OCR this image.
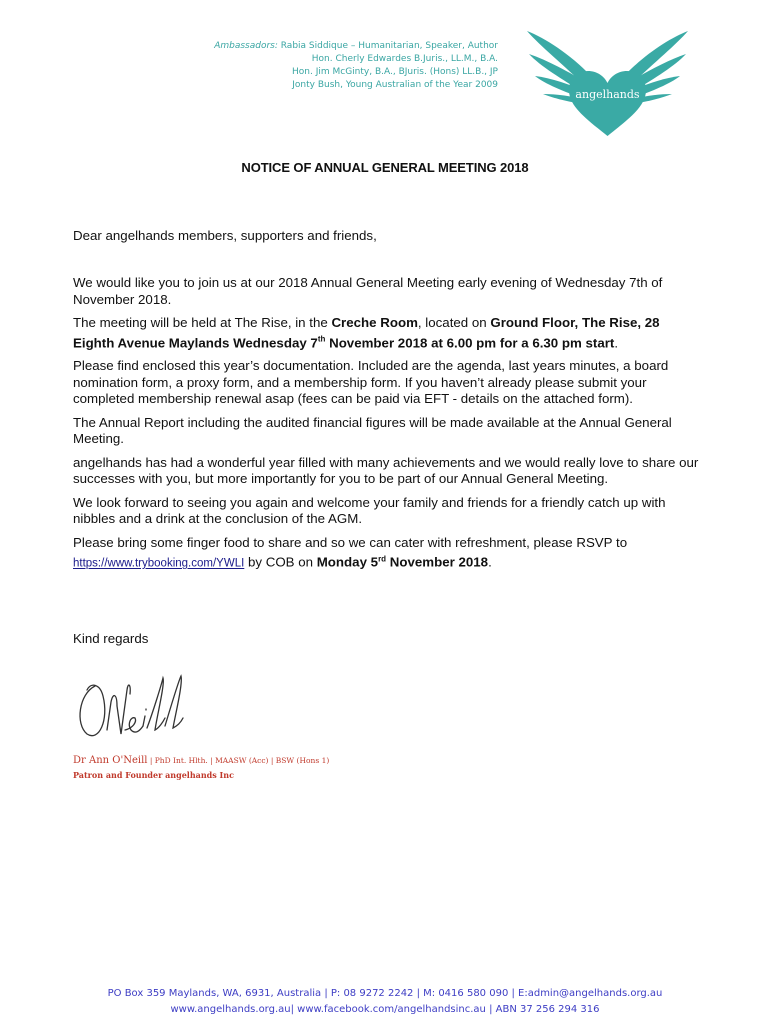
Ambassadors: Rabia Siddique – Humanitarian, Speaker, Author
Hon. Cherly Edwardes B.Juris., LL.M., B.A.
Hon. Jim McGinty, B.A., BJuris. (Hons) LL.B., JP
Jonty Bush, Young Australian of the Year 2009
angelhands
NOTICE OF ANNUAL GENERAL MEETING 2018
Dear angelhands members, supporters and friends,

We would like you to join us at our 2018 Annual General Meeting early evening of Wednesday 7th of November 2018.

The meeting will be held at The Rise, in the Creche Room, located on Ground Floor, The Rise, 28 Eighth Avenue Maylands Wednesday 7th November 2018 at 6.00 pm for a 6.30 pm start.

Please find enclosed this year’s documentation. Included are the agenda, last years minutes, a board nomination form, a proxy form, and a membership form. If you haven’t already please submit your completed membership renewal asap (fees can be paid via EFT - details on the attached form).

The Annual Report including the audited financial figures will be made available at the Annual General Meeting.

angelhands has had a wonderful year filled with many achievements and we would really love to share our successes with you, but more importantly for you to be part of our Annual General Meeting.

We look forward to seeing you again and welcome your family and friends for a friendly catch up with nibbles and a drink at the conclusion of the AGM.

Please bring some finger food to share and so we can cater with refreshment, please RSVP to
https://www.trybooking.com/YWLI by COB on Monday 5rd November 2018.

Kind regards
O'Neill
Dr Ann O'Neill | PhD Int. Hlth. | MAASW (Acc) | BSW (Hons 1)
Patron and Founder angelhands Inc
PO Box 359 Maylands, WA, 6931, Australia | P: 08 9272 2242 | M: 0416 580 090 | E:admin@angelhands.org.au
www.angelhands.org.au| www.facebook.com/angelhandsinc.au | ABN 37 256 294 316
